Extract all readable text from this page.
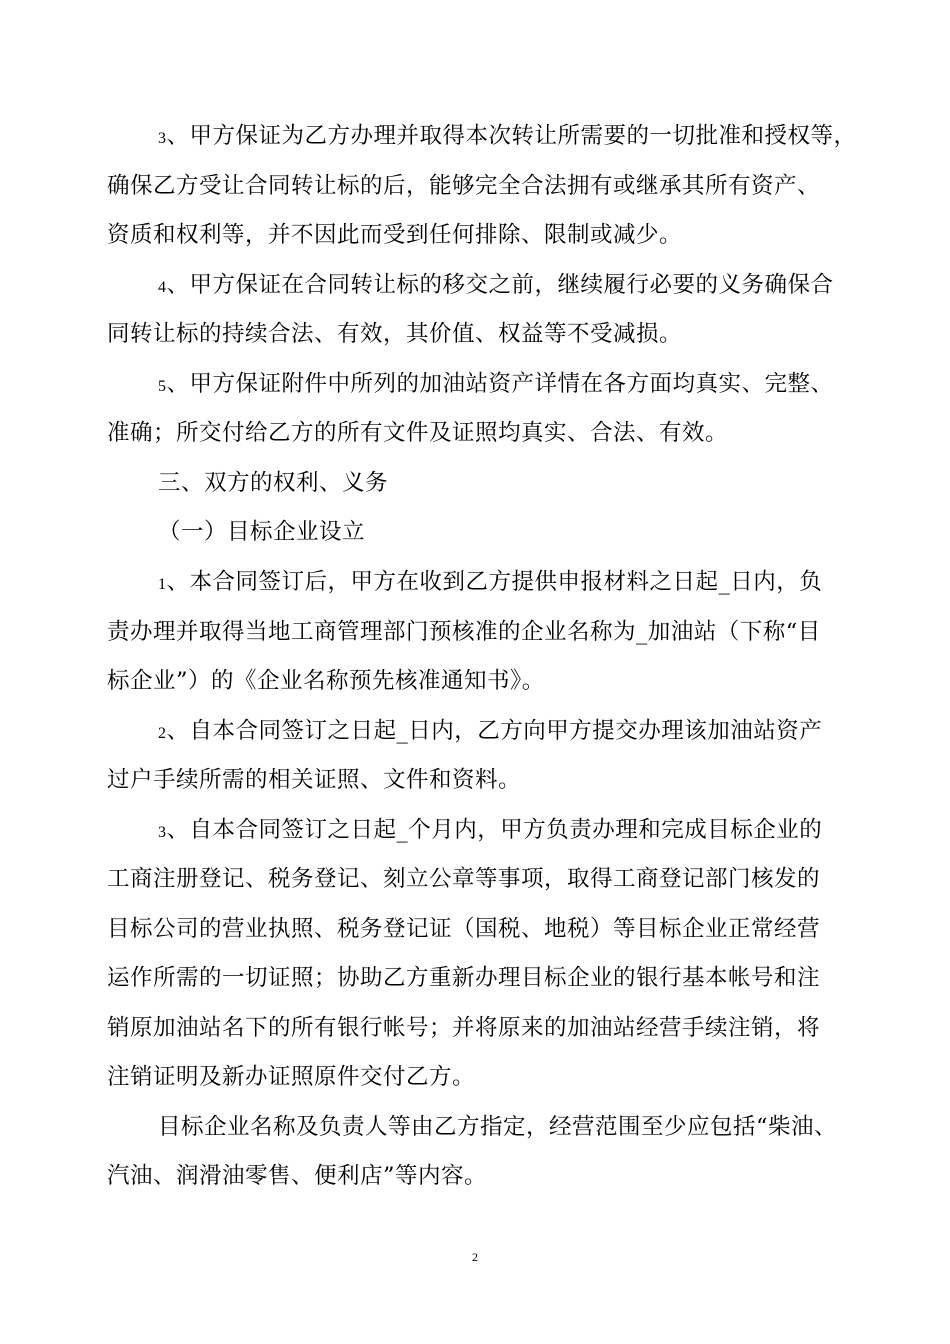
3、甲方保证为乙方办理并取得本次转让所需要的一切批准和授权等，
确保乙方受让合同转让标的后，能够完全合法拥有或继承其所有资产、
资质和权利等，并不因此而受到任何排除、限制或减少。
4、甲方保证在合同转让标的移交之前，继续履行必要的义务确保合
同转让标的持续合法、有效，其价值、权益等不受减损。
5、甲方保证附件中所列的加油站资产详情在各方面均真实、完整、
准确；所交付给乙方的所有文件及证照均真实、合法、有效。
三、双方的权利、义务
（一）目标企业设立
1、本合同签订后，甲方在收到乙方提供申报材料之日起_日内，负
责办理并取得当地工商管理部门预核准的企业名称为_加油站（下称“目
标企业”）的《企业名称预先核准通知书》。
2、自本合同签订之日起_日内，乙方向甲方提交办理该加油站资产
过户手续所需的相关证照、文件和资料。
3、自本合同签订之日起_个月内，甲方负责办理和完成目标企业的
工商注册登记、税务登记、刻立公章等事项，取得工商登记部门核发的
目标公司的营业执照、税务登记证（国税、地税）等目标企业正常经营
运作所需的一切证照；协助乙方重新办理目标企业的银行基本帐号和注
销原加油站名下的所有银行帐号；并将原来的加油站经营手续注销，将
注销证明及新办证照原件交付乙方。
目标企业名称及负责人等由乙方指定，经营范围至少应包括“柴油、
汽油、润滑油零售、便利店”等内容。
2
